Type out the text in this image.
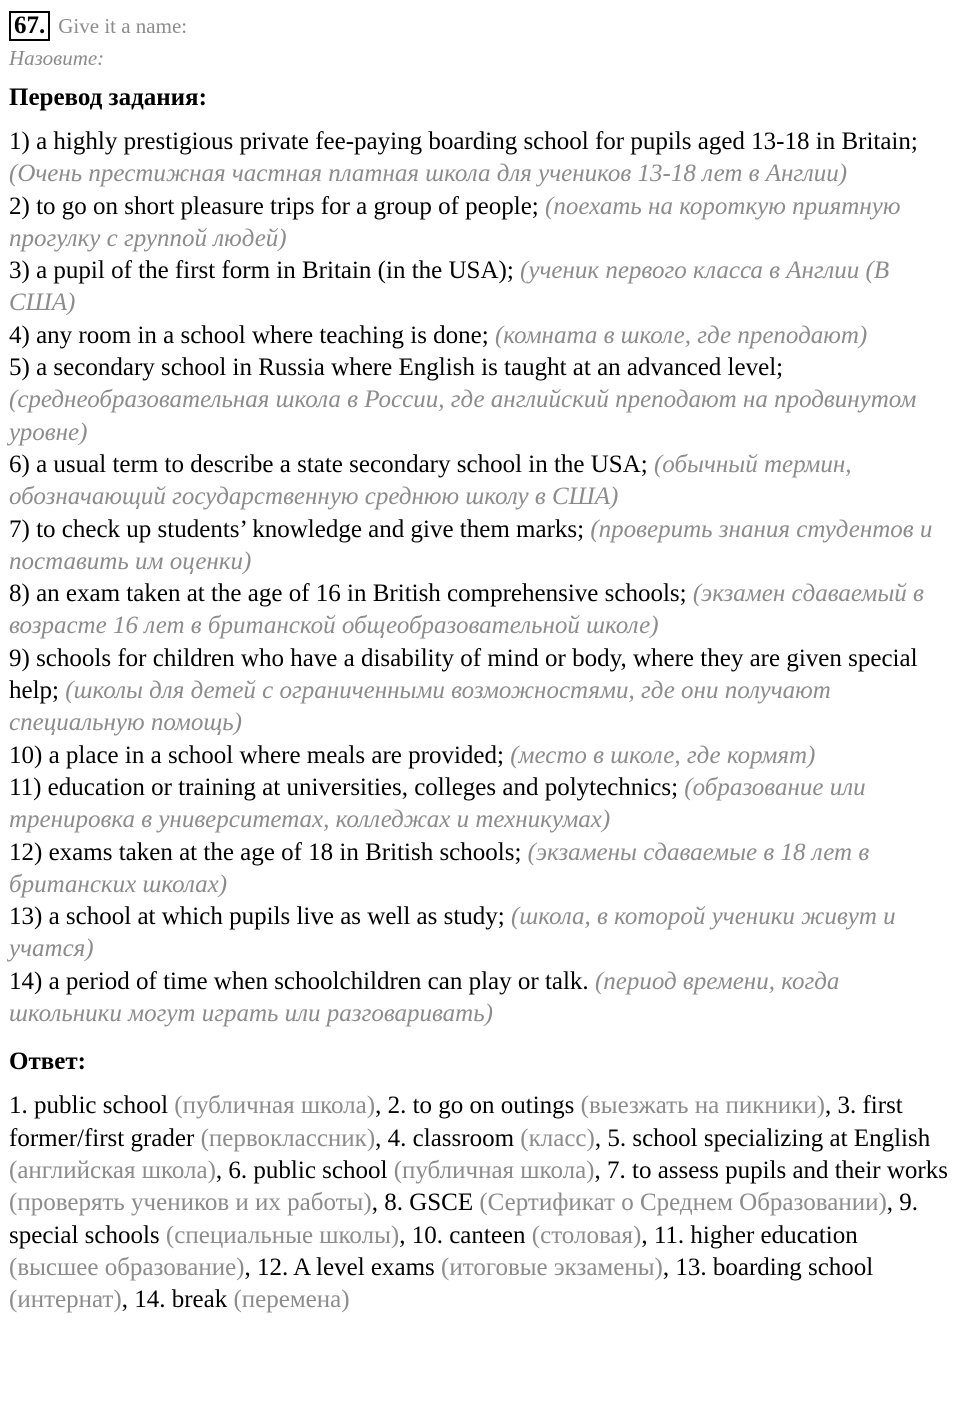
67. Give it a name:
Назовите:
Перевод задания:
1) a highly prestigious private fee-paying boarding school for pupils aged 13-18 in Britain; (Очень престижная частная платная школа для учеников 13-18 лет в Англии)
2) to go on short pleasure trips for a group of people; (поехать на короткую приятную прогулку с группой людей)
3) a pupil of the first form in Britain (in the USA); (ученик первого класса в Англии (В США)
4) any room in a school where teaching is done; (комната в школе, где преподают)
5) a secondary school in Russia where English is taught at an advanced level; (среднеобразовательная школа в России, где английский преподают на продвинутом уровне)
6) a usual term to describe a state secondary school in the USA; (обычный термин, обозначающий государственную среднюю школу в США)
7) to check up students’ knowledge and give them marks; (проверить знания студентов и поставить им оценки)
8) an exam taken at the age of 16 in British comprehensive schools; (экзамен сдаваемый в возрасте 16 лет в британской общеобразовательной школе)
9) schools for children who have a disability of mind or body, where they are given special help; (школы для детей с ограниченными возможностями, где они получают специальную помощь)
10) a place in a school where meals are provided; (место в школе, где кормят)
11) education or training at universities, colleges and polytechnics; (образование или тренировка в университетах, колледжах и техникумах)
12) exams taken at the age of 18 in British schools; (экзамены сдаваемые в 18 лет в британских школах)
13) a school at which pupils live as well as study; (школа, в которой ученики живут и учатся)
14) a period of time when schoolchildren can play or talk. (период времени, когда школьники могут играть или разговаривать)
Ответ:
1. public school (публичная школа), 2. to go on outings (выезжать на пикники), 3. first former/first grader (первоклассник), 4. classroom (класс), 5. school specializing at English (английская школа), 6. public school (публичная школа), 7. to assess pupils and their works (проверять учеников и их работы), 8. GSCE (Сертификат о Среднем Образовании), 9. special schools (специальные школы), 10. canteen (столовая), 11. higher education (высшее образование), 12. A level exams (итоговые экзамены), 13. boarding school (интернат), 14. break (перемена)
